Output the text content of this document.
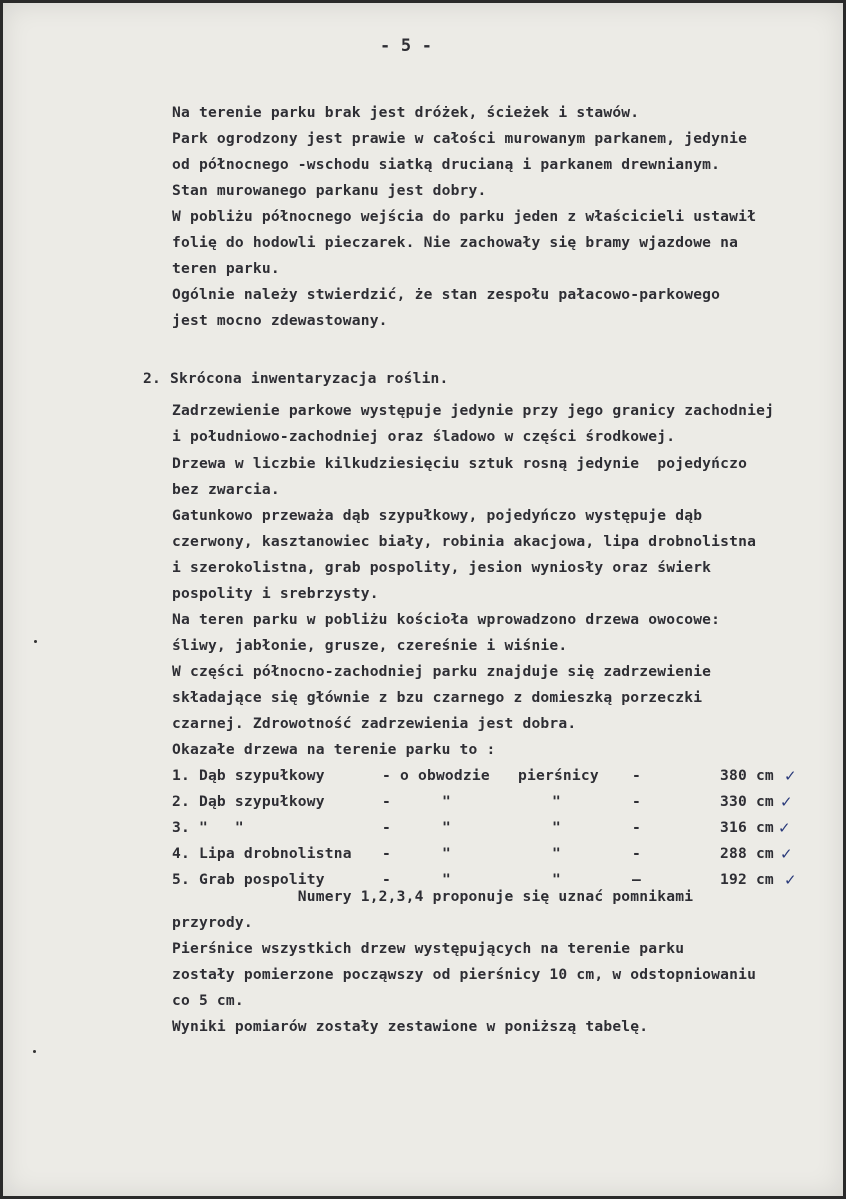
- 5 -
Na terenie parku brak jest dróżek, ścieżek i stawów.
Park ogrodzony jest prawie w całości murowanym parkanem, jedynie
od północnego -wschodu siatką drucianą i parkanem drewnianym.
Stan murowanego parkanu jest dobry.
W pobliżu północnego wejścia do parku jeden z właścicieli ustawił
folię do hodowli pieczarek. Nie zachowały się bramy wjazdowe na
teren parku.
Ogólnie należy stwierdzić, że stan zespołu pałacowo-parkowego
jest mocno zdewastowany.
2. Skrócona inwentaryzacja roślin.
Zadrzewienie parkowe występuje jedynie przy jego granicy zachodniej
i południowo-zachodniej oraz śladowo w części środkowej.
Drzewa w liczbie kilkudziesięciu sztuk rosną jedynie  pojedyńczo
bez zwarcia.
Gatunkowo przeważa dąb szypułkowy, pojedyńczo występuje dąb
czerwony, kasztanowiec biały, robinia akacjowa, lipa drobnolistna
i szerokolistna, grab pospolity, jesion wyniosły oraz świerk
pospolity i srebrzysty.
Na teren parku w pobliżu kościoła wprowadzono drzewa owocowe:
śliwy, jabłonie, grusze, czereśnie i wiśnie.
W części północno-zachodniej parku znajduje się zadrzewienie
składające się głównie z bzu czarnego z domieszką porzeczki
czarnej. Zdrowotność zadrzewienia jest dobra.
Okazałe drzewa na terenie parku to :
1. Dąb szypułkowy	- o obwodzie pierśnicy -	380 cm ✓
2. Dąb szypułkowy	-	"	"	-	330 cm ✓
3. "   "	-	"	"	-	316 cm ✓
4. Lipa drobnolistna -	"	"	-	288 cm ✓
5. Grab pospolity	-	"	"	—	192 cm ✓
Numery 1,2,3,4 proponuje się uznać pomnikami
przyrody.
Pierśnice wszystkich drzew występujących na terenie parku
zostały pomierzone począwszy od pierśnicy 10 cm, w odstopniowaniu
co 5 cm.
Wyniki pomiarów zostały zestawione w poniższą tabelę.
